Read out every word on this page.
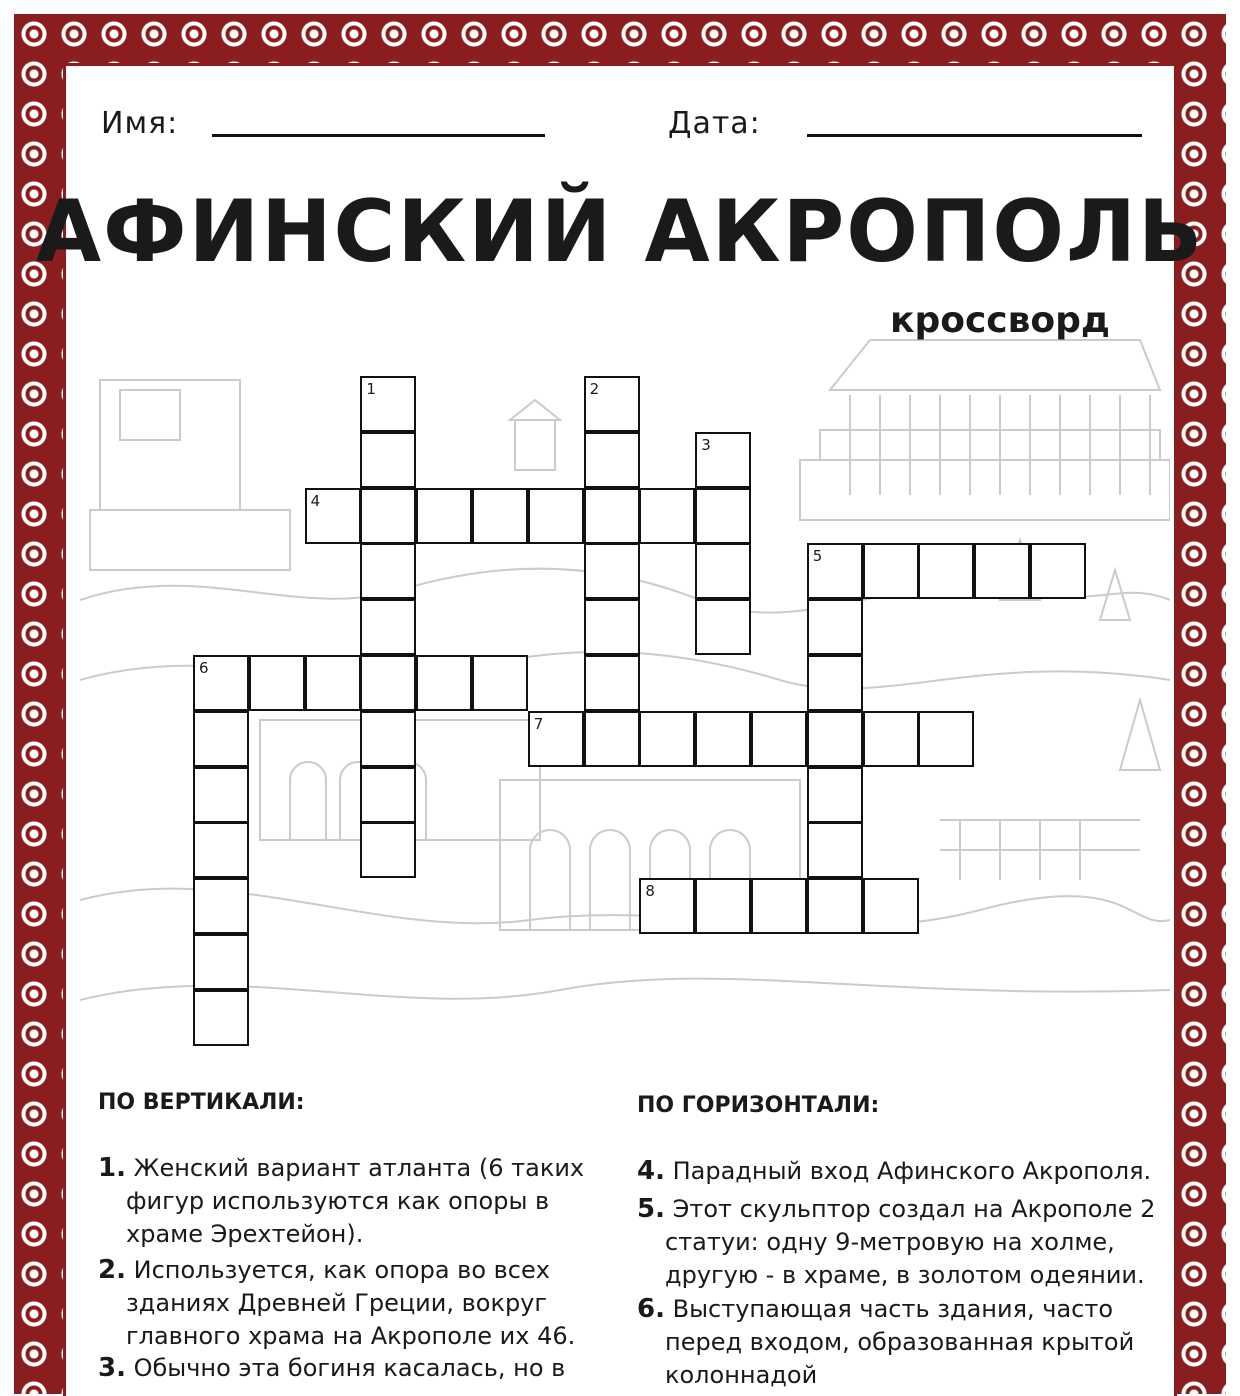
Имя:	Дата:
АФИНСКИЙ АКРОПОЛЬ
кроссворд
1	2
3
4
5
6
7
8
ПО ВЕРТИКАЛИ:	ПО ГОРИЗОНТАЛИ:
1. Женский вариант атланта (6 таких
фигур используются как опоры в
храме Эрехтейон).
2. Используется, как опора во всех
зданиях Древней Греции, вокруг
главного храма на Акрополе их 46.
3. Обычно эта богиня касалась, но в
4. Парадный вход Афинского Акрополя.
5. Этот скульптор создал на Акрополе 2
статуи: одну 9-метровую на холме,
другую - в храме, в золотом одеянии.
6. Выступающая часть здания, часто
перед входом, образованная крытой
колоннадой
